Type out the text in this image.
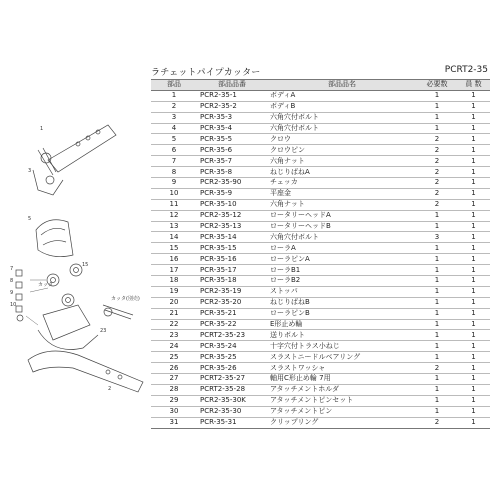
カッタ
カッタ(別売)
1
3
5
7
8
9
10
15
23
2
ラチェットパイプカッター	PCRT2-35
部品	部品品番	部品品名	必要数	員 数
1	PCR2-35-1	ボディA	1	1
2	PCR2-35-2	ボディB	1	1
3	PCR-35-3	六角穴付ボルト	1	1
4	PCR-35-4	六角穴付ボルト	1	1
5	PCR-35-5	クロウ	2	1
6	PCR-35-6	クロウピン	2	1
7	PCR-35-7	六角ナット	2	1
8	PCR-35-8	ねじりばねA	2	1
9	PCR2-35-90	チェッカ	2	1
10	PCR-35-9	平座金	2	1
11	PCR-35-10	六角ナット	2	1
12	PCR2-35-12	ロータリーヘッドA	1	1
13	PCR2-35-13	ロータリーヘッドB	1	1
14	PCR-35-14	六角穴付ボルト	3	1
15	PCR-35-15	ローラA	1	1
16	PCR-35-16	ローラピンA	1	1
17	PCR-35-17	ローラB1	1	1
18	PCR-35-18	ローラB2	1	1
19	PCR2-35-19	ストッパ	1	1
20	PCR2-35-20	ねじりばねB	1	1
21	PCR-35-21	ローラピンB	1	1
22	PCR-35-22	E形止め輪	1	1
23	PCRT2-35-23	送りボルト	1	1
24	PCR-35-24	十字穴付トラス小ねじ	1	1
25	PCR-35-25	スラストニードルベアリング	1	1
26	PCR-35-26	スラストワッシャ	2	1
27	PCRT2-35-27	軸用C形止め輪 7用	1	1
28	PCRT2-35-28	アタッチメントホルダ	1	1
29	PCR2-35-30K	アタッチメントピンセット	1	1
30	PCR2-35-30	アタッチメントピン	1	1
31	PCR-35-31	クリップリング	2	1
